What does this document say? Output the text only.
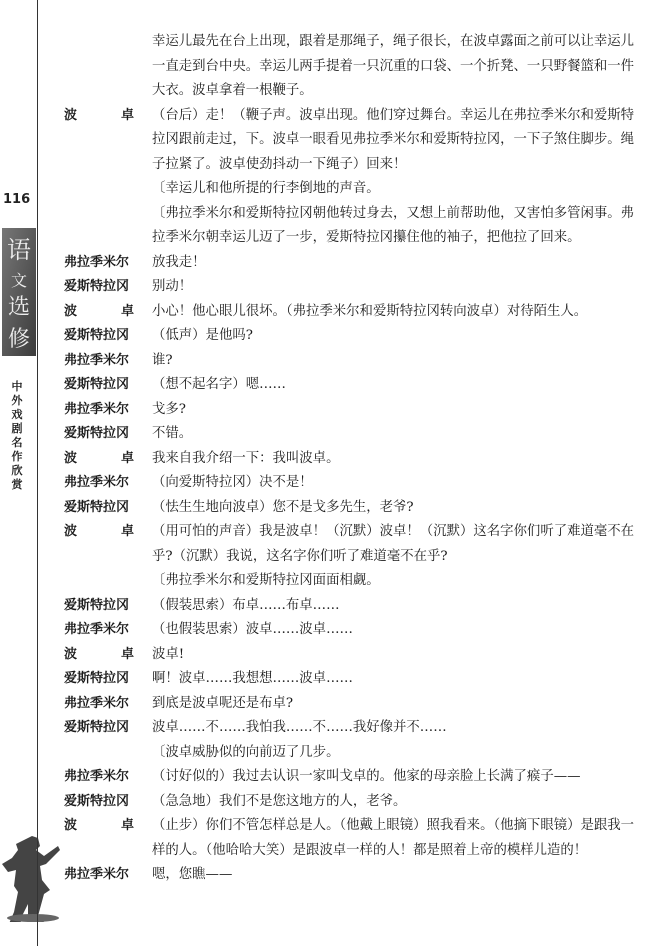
116
语
文
选
修
中
外
戏
剧
名
作
欣
赏
幸运儿最先在台上出现，跟着是那绳子，绳子很长，在波卓露面之前可以让幸运儿一直走到台中央。幸运儿两手提着一只沉重的口袋、一个折凳、一只野餐篮和一件大衣。波卓拿着一根鞭子。
波	卓 （台后）走！（鞭子声。波卓出现。他们穿过舞台。幸运儿在弗拉季米尔和爱斯特拉冈跟前走过，下。波卓一眼看见弗拉季米尔和爱斯特拉冈，一下子煞住脚步。绳子拉紧了。波卓使劲抖动一下绳子）回来！
〔幸运儿和他所提的行李倒地的声音。
〔弗拉季米尔和爱斯特拉冈朝他转过身去，又想上前帮助他，又害怕多管闲事。弗拉季米尔朝幸运儿迈了一步，爱斯特拉冈攥住他的袖子，把他拉了回来。
弗拉季米尔	放我走！
爱斯特拉冈	别动！
波	卓 小心！他心眼儿很坏。（弗拉季米尔和爱斯特拉冈转向波卓）对待陌生人。
爱斯特拉冈	（低声）是他吗?
弗拉季米尔	谁?
爱斯特拉冈	（想不起名字）嗯……
弗拉季米尔	戈多?
爱斯特拉冈	不错。
波	卓 我来自我介绍一下：我叫波卓。
弗拉季米尔	（向爱斯特拉冈）决不是！
爱斯特拉冈	（怯生生地向波卓）您不是戈多先生，老爷?
波	卓 （用可怕的声音）我是波卓！（沉默）波卓！（沉默）这名字你们听了难道毫不在乎?（沉默）我说，这名字你们听了难道毫不在乎?
〔弗拉季米尔和爱斯特拉冈面面相觑。
爱斯特拉冈	（假装思索）布卓……布卓……
弗拉季米尔	（也假装思索）波卓……波卓……
波	卓 波卓!
爱斯特拉冈	啊！波卓……我想想……波卓……
弗拉季米尔	到底是波卓呢还是布卓?
爱斯特拉冈	波卓……不……我怕我……不……我好像并不……
〔波卓威胁似的向前迈了几步。
弗拉季米尔	（讨好似的）我过去认识一家叫戈卓的。他家的母亲脸上长满了瘊子——
爱斯特拉冈	（急急地）我们不是您这地方的人，老爷。
波	卓 （止步）你们不管怎样总是人。（他戴上眼镜）照我看来。（他摘下眼镜）是跟我一样的人。（他哈哈大笑）是跟波卓一样的人！都是照着上帝的模样儿造的！
弗拉季米尔	嗯，您瞧——
